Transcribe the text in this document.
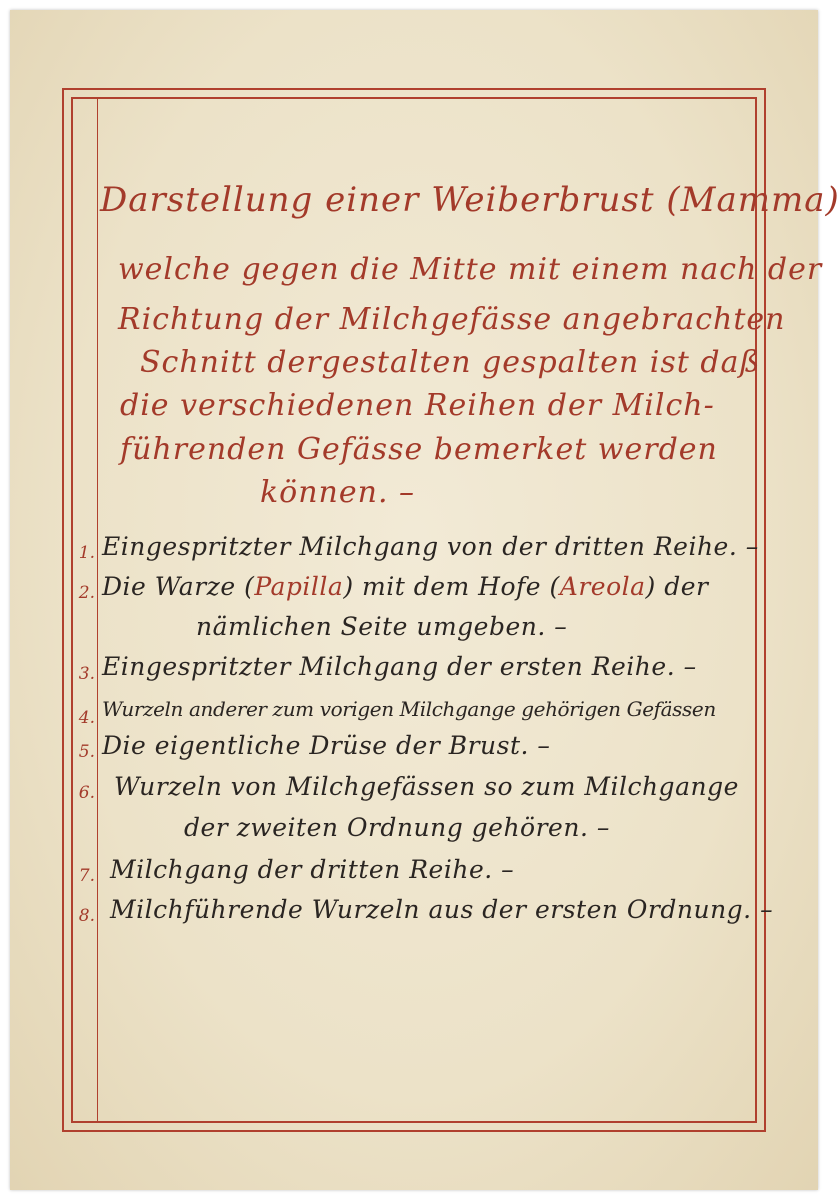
Darstellung einer Weiberbrust (Mamma)
welche gegen die Mitte mit einem nach der
Richtung der Milchgefässe angebrachten
Schnitt dergestalten gespalten ist daß
die verschiedenen Reihen der Milch-
führenden Gefässe bemerket werden
können. –
1. Eingespritzter Milchgang von der dritten Reihe. –
2. Die Warze (Papilla) mit dem Hofe (Areola) der
nämlichen Seite umgeben. –
3. Eingespritzter Milchgang der ersten Reihe. –
4. Wurzeln anderer zum vorigen Milchgange gehörigen Gefässen
5. Die eigentliche Drüse der Brust. –
6. Wurzeln von Milchgefässen so zum Milchgange
der zweiten Ordnung gehören. –
7. Milchgang der dritten Reihe. –
8. Milchführende Wurzeln aus der ersten Ordnung. –
